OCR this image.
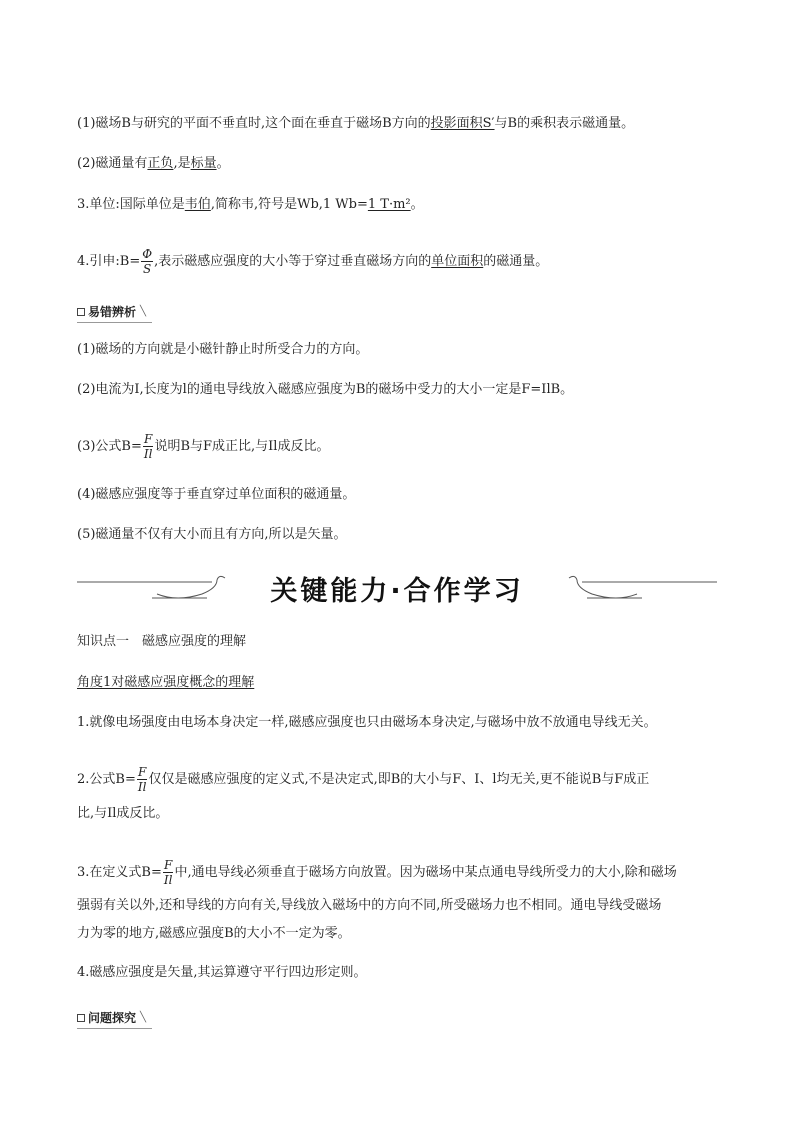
(1)磁场B与研究的平面不垂直时,这个面在垂直于磁场B方向的投影面积S′与B的乘积表示磁通量。
(2)磁通量有正负,是标量。
3.单位:国际单位是韦伯,简称韦,符号是Wb,1 Wb=1 T·m²。
4.引申:B= $\frac{\Phi}{S}$ ,表示磁感应强度的大小等于穿过垂直磁场方向的单位面积的磁通量。
易错辨析 ╲
(1)磁场的方向就是小磁针静止时所受合力的方向。
(2)电流为I,长度为l的通电导线放入磁感应强度为B的磁场中受力的大小一定是F=IlB。
(3)公式$B= \frac{F}{Il}$ 说明B与F成正比,与Il成反比。
(4)磁感应强度等于垂直穿过单位面积的磁通量。
(5)磁通量不仅有大小而且有方向,所以是矢量。
关键能力·合作学习
知识点一　磁感应强度的理解
角度1对磁感应强度概念的理解
1.就像电场强度由电场本身决定一样,磁感应强度也只由磁场本身决定,与磁场中放不放通电导线无关。
2.公式$B= \frac{F}{Il}$ 仅仅是磁感应强度的定义式,不是决定式,即B的大小与F、I、l均无关,更不能说B与F成正
比,与Il成反比。
3.在定义式$B= \frac{F}{Il}$ 中,通电导线必须垂直于磁场方向放置。因为磁场中某点通电导线所受力的大小,除和磁场
强弱有关以外,还和导线的方向有关,导线放入磁场中的方向不同,所受磁场力也不相同。通电导线受磁场
力为零的地方,磁感应强度B的大小不一定为零。
4.磁感应强度是矢量,其运算遵守平行四边形定则。
问题探究 ╲
